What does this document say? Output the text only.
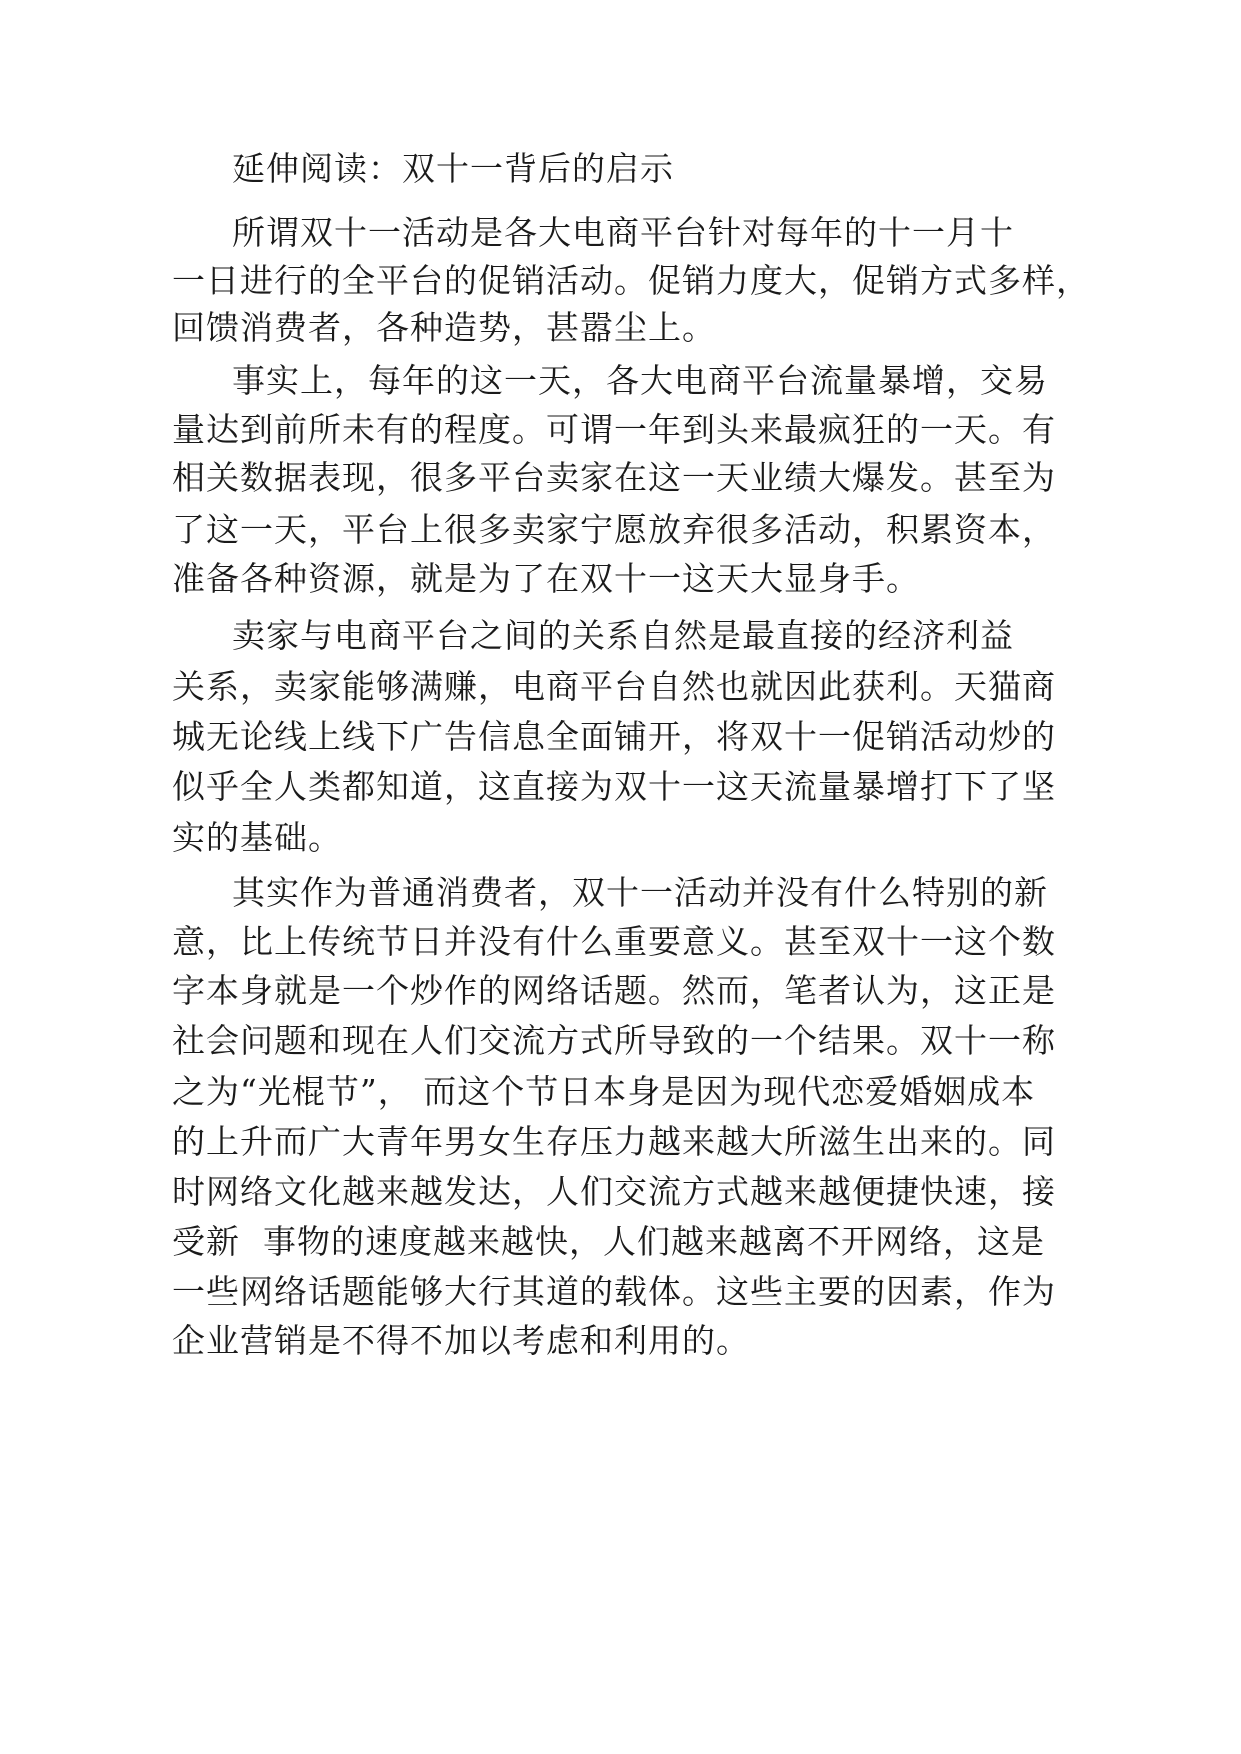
延伸阅读：双十一背后的启示
所谓双十一活动是各大电商平台针对每年的十一月十
一日进行的全平台的促销活动。促销力度大，促销方式多样，
回馈消费者，各种造势，甚嚣尘上。
事实上，每年的这一天，各大电商平台流量暴增，交易
量达到前所未有的程度。可谓一年到头来最疯狂的一天。有
相关数据表现，很多平台卖家在这一天业绩大爆发。甚至为
了这一天，平台上很多卖家宁愿放弃很多活动，积累资本，
准备各种资源，就是为了在双十一这天大显身手。
卖家与电商平台之间的关系自然是最直接的经济利益
关系，卖家能够满赚，电商平台自然也就因此获利。天猫商
城无论线上线下广告信息全面铺开，将双十一促销活动炒的
似乎全人类都知道，这直接为双十一这天流量暴增打下了坚
实的基础。
其实作为普通消费者，双十一活动并没有什么特别的新
意，比上传统节日并没有什么重要意义。甚至双十一这个数
字本身就是一个炒作的网络话题。然而，笔者认为，这正是
社会问题和现在人们交流方式所导致的一个结果。双十一称
之为“光棍节”， 而这个节日本身是因为现代恋爱婚姻成本
的上升而广大青年男女生存压力越来越大所滋生出来的。同
时网络文化越来越发达，人们交流方式越来越便捷快速，接
受新  事物的速度越来越快，人们越来越离不开网络，这是
一些网络话题能够大行其道的载体。这些主要的因素，作为
企业营销是不得不加以考虑和利用的。
